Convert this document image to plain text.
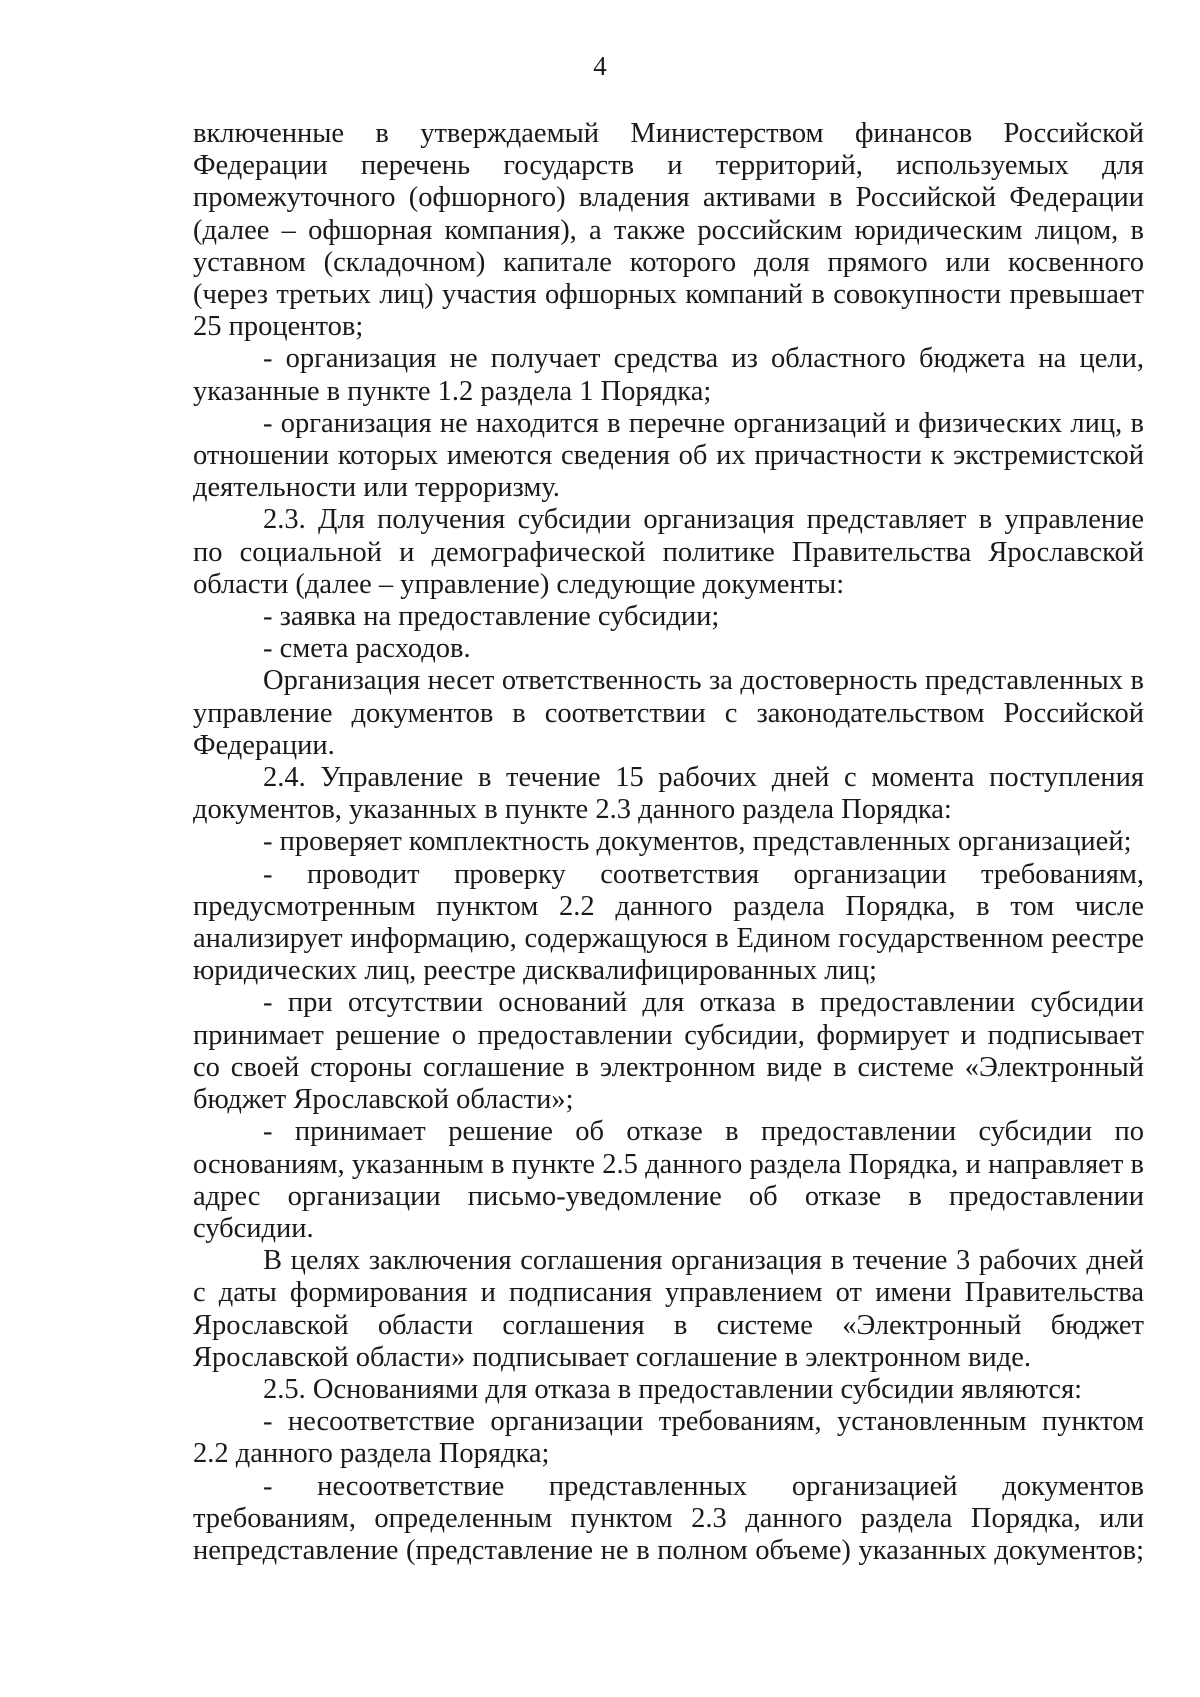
4

включенные в утверждаемый Министерством финансов Российской Федерации перечень государств и территорий, используемых для промежуточного (офшорного) владения активами в Российской Федерации (далее – офшорная компания), а также российским юридическим лицом, в уставном (складочном) капитале которого доля прямого или косвенного (через третьих лиц) участия офшорных компаний в совокупности превышает 25 процентов;

- организация не получает средства из областного бюджета на цели, указанные в пункте 1.2 раздела 1 Порядка;

- организация не находится в перечне организаций и физических лиц, в отношении которых имеются сведения об их причастности к экстремистской деятельности или терроризму.

2.3. Для получения субсидии организация представляет в управление по социальной и демографической политике Правительства Ярославской области (далее – управление) следующие документы:

- заявка на предоставление субсидии;

- смета расходов.

Организация несет ответственность за достоверность представленных в управление документов в соответствии с законодательством Российской Федерации.

2.4. Управление в течение 15 рабочих дней с момента поступления документов, указанных в пункте 2.3 данного раздела Порядка:

- проверяет комплектность документов, представленных организацией;

- проводит проверку соответствия организации требованиям, предусмотренным пунктом 2.2 данного раздела Порядка, в том числе анализирует информацию, содержащуюся в Едином государственном реестре юридических лиц, реестре дисквалифицированных лиц;

- при отсутствии оснований для отказа в предоставлении субсидии принимает решение о предоставлении субсидии, формирует и подписывает со своей стороны соглашение в электронном виде в системе «Электронный бюджет Ярославской области»;

- принимает решение об отказе в предоставлении субсидии по основаниям, указанным в пункте 2.5 данного раздела Порядка, и направляет в адрес организации письмо-уведомление об отказе в предоставлении субсидии.

В целях заключения соглашения организация в течение 3 рабочих дней с даты формирования и подписания управлением от имени Правительства Ярославской области соглашения в системе «Электронный бюджет Ярославской области» подписывает соглашение в электронном виде.

2.5. Основаниями для отказа в предоставлении субсидии являются:

- несоответствие организации требованиям, установленным пунктом 2.2 данного раздела Порядка;

- несоответствие представленных организацией документов требованиям, определенным пунктом 2.3 данного раздела Порядка, или непредставление (представление не в полном объеме) указанных документов;
